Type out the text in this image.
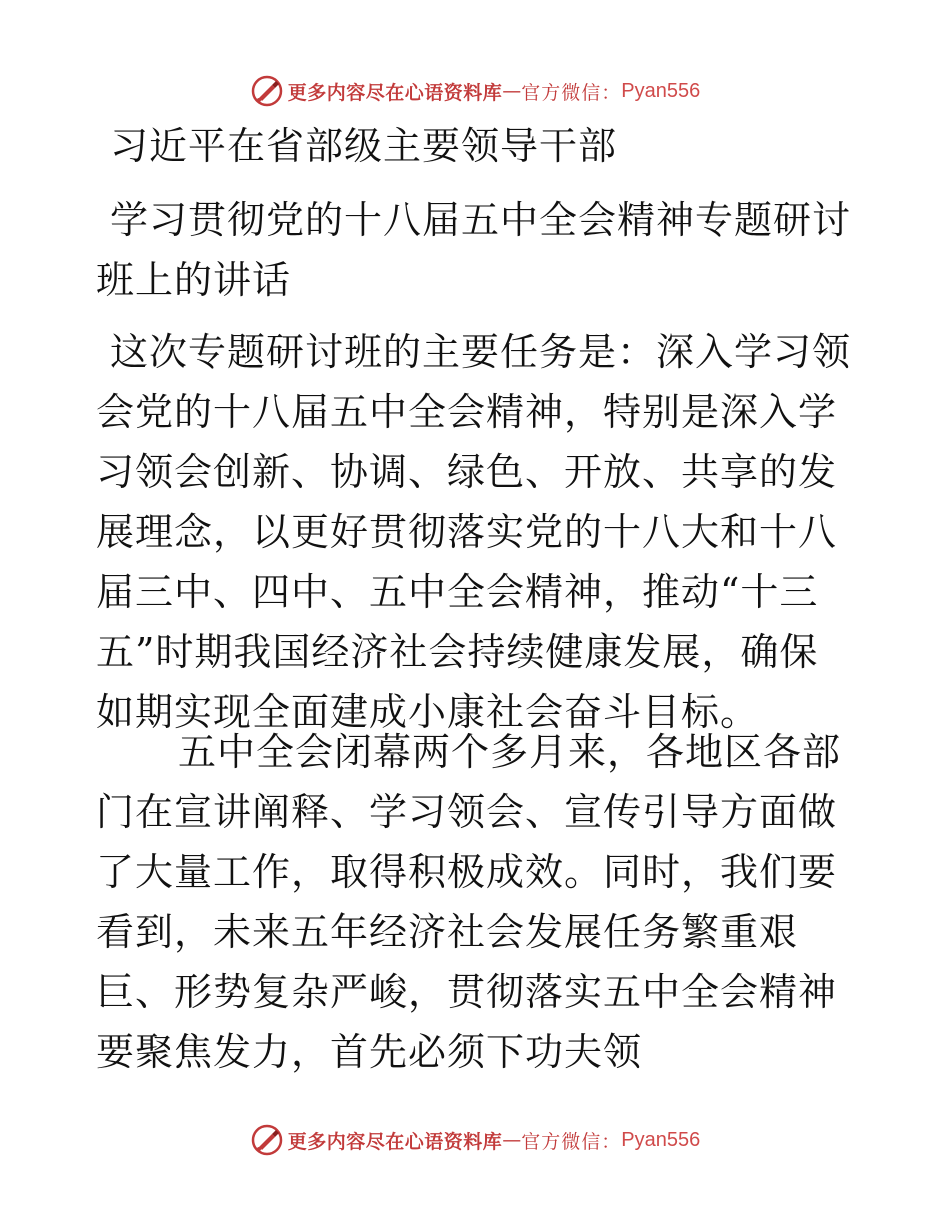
更多内容尽在心语资料库 — 官方微信： Pyan556
习近平在省部级主要领导干部
学习贯彻党的十八届五中全会精神专题研讨班上的讲话
这次专题研讨班的主要任务是：深入学习领会党的十八届五中全会精神，特别是深入学习领会创新、协调、绿色、开放、共享的发展理念，以更好贯彻落实党的十八大和十八届三中、四中、五中全会精神，推动“十三五”时期我国经济社会持续健康发展，确保如期实现全面建成小康社会奋斗目标。
五中全会闭幕两个多月来，各地区各部门在宣讲阐释、学习领会、宣传引导方面做了大量工作，取得积极成效。同时，我们要看到，未来五年经济社会发展任务繁重艰巨、形势复杂严峻，贯彻落实五中全会精神要聚焦发力，首先必须下功夫领
更多内容尽在心语资料库 — 官方微信： Pyan556
